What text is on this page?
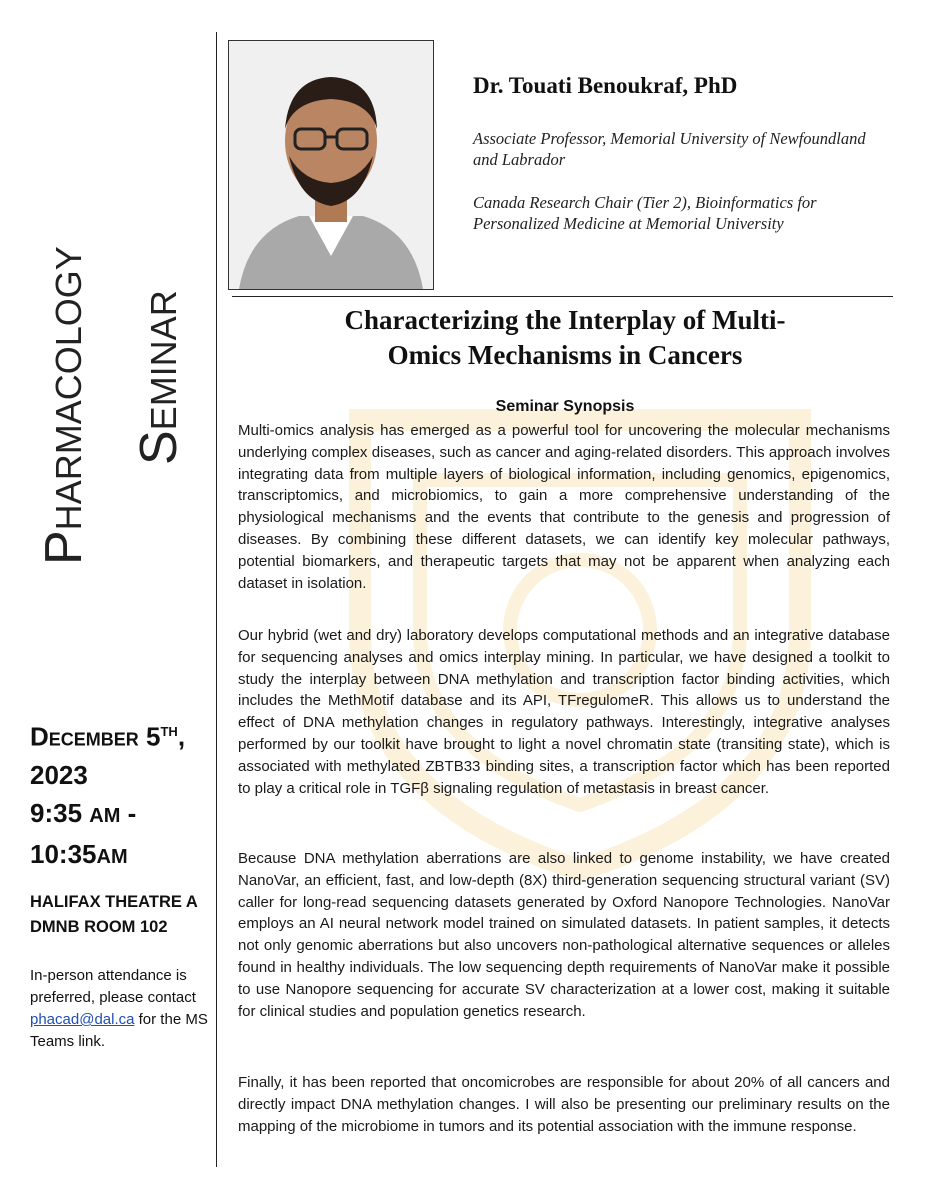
Pharmacology Seminar
December 5TH,
2023
9:35 AM -
10:35AM
HALIFAX THEATRE A
DMNB ROOM 102
In-person attendance is preferred, please contact phacad@dal.ca for the MS Teams link.
Dr. Touati Benoukraf, PhD
Associate Professor, Memorial University of Newfoundland and Labrador
Canada Research Chair (Tier 2), Bioinformatics for Personalized Medicine at Memorial University
Characterizing the Interplay of Multi-
Omics Mechanisms in Cancers
Seminar Synopsis
Multi-omics analysis has emerged as a powerful tool for uncovering the molecular mechanisms underlying complex diseases, such as cancer and aging-related disorders. This approach involves integrating data from multiple layers of biological information, including genomics, epigenomics, transcriptomics, and microbiomics, to gain a more comprehensive understanding of the physiological mechanisms and the events that contribute to the genesis and progression of diseases. By combining these different datasets, we can identify key molecular pathways, potential biomarkers, and therapeutic targets that may not be apparent when analyzing each dataset in isolation.
Our hybrid (wet and dry) laboratory develops computational methods and an integrative database for sequencing analyses and omics interplay mining. In particular, we have designed a toolkit to study the interplay between DNA methylation and transcription factor binding activities, which includes the MethMotif database and its API, TFregulomeR. This allows us to understand the effect of DNA methylation changes in regulatory pathways. Interestingly, integrative analyses performed by our toolkit have brought to light a novel chromatin state (transiting state), which is associated with methylated ZBTB33 binding sites, a transcription factor which has been reported to play a critical role in TGFβ signaling regulation of metastasis in breast cancer.
Because DNA methylation aberrations are also linked to genome instability, we have created NanoVar, an efficient, fast, and low-depth (8X) third-generation sequencing structural variant (SV) caller for long-read sequencing datasets generated by Oxford Nanopore Technologies. NanoVar employs an AI neural network model trained on simulated datasets. In patient samples, it detects not only genomic aberrations but also uncovers non-pathological alternative sequences or alleles found in healthy individuals. The low sequencing depth requirements of NanoVar make it possible to use Nanopore sequencing for accurate SV characterization at a lower cost, making it suitable for clinical studies and population genetics research.
Finally, it has been reported that oncomicrobes are responsible for about 20% of all cancers and directly impact DNA methylation changes. I will also be presenting our preliminary results on the mapping of the microbiome in tumors and its potential association with the immune response.
